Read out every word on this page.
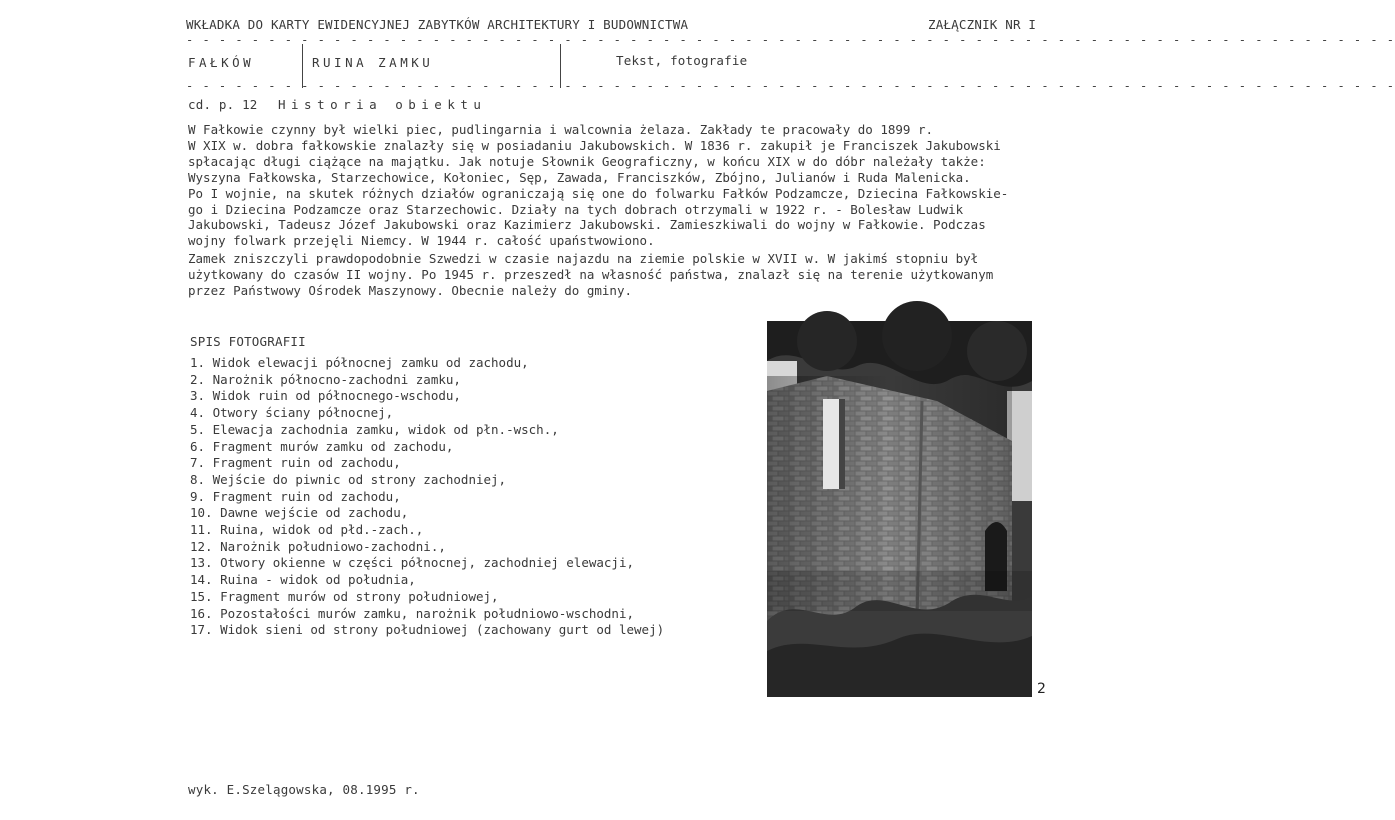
WKŁADKA DO KARTY EWIDENCYJNEJ ZABYTKÓW ARCHITEKTURY I BUDOWNICTWA	ZAŁĄCZNIK NR I
- - - - - - - - - - - - - - - - - - - - - - - - - - - - - - - - - - - - - - - - - - - - - - - - - - - - - - - - - - - - - - - - - - - - - - - - - -
FAŁKÓW	RUINA ZAMKU	Tekst, fotografie
- - - - - - - - - - - - - - - - - - - - - - - - - - - - - - - - - - - - - - - - - - - - - - - - - - - - - - - - - - - - - - - - - - - - - - - - - -
cd. p. 12 Historia obiektu
W Fałkowie czynny był wielki piec, pudlingarnia i walcownia żelaza. Zakłady te pracowały do 1899 r.
W XIX w. dobra fałkowskie znalazły się w posiadaniu Jakubowskich. W 1836 r. zakupił je Franciszek Jakubowski
spłacając długi ciążące na majątku. Jak notuje Słownik Geograficzny, w końcu XIX w do dóbr należały także:
Wyszyna Fałkowska, Starzechowice, Kołoniec, Sęp, Zawada, Franciszków, Zbójno, Julianów i Ruda Malenicka.
Po I wojnie, na skutek różnych działów ograniczają się one do folwarku Fałków Podzamcze, Dziecina Fałkowskie-
go i Dziecina Podzamcze oraz Starzechowic. Działy na tych dobrach otrzymali w 1922 r. - Bolesław Ludwik
Jakubowski, Tadeusz Józef Jakubowski oraz Kazimierz Jakubowski. Zamieszkiwali do wojny w Fałkowie. Podczas
wojny folwark przejęli Niemcy. W 1944 r. całość upaństwowiono.
Zamek zniszczyli prawdopodobnie Szwedzi w czasie najazdu na ziemie polskie w XVII w. W jakimś stopniu był
użytkowany do czasów II wojny. Po 1945 r. przeszedł na własność państwa, znalazł się na terenie użytkowanym
przez Państwowy Ośrodek Maszynowy. Obecnie należy do gminy.
SPIS FOTOGRAFII
1. Widok elewacji północnej zamku od zachodu,
2. Narożnik północno-zachodni zamku,
3. Widok ruin od północnego-wschodu,
4. Otwory ściany północnej,
5. Elewacja zachodnia zamku, widok od płn.-wsch.,
6. Fragment murów zamku od zachodu,
7. Fragment ruin od zachodu,
8. Wejście do piwnic od strony zachodniej,
9. Fragment ruin od zachodu,
10. Dawne wejście od zachodu,
11. Ruina, widok od płd.-zach.,
12. Narożnik południowo-zachodni.,
13. Otwory okienne w części północnej, zachodniej elewacji,
14. Ruina - widok od południa,
15. Fragment murów od strony południowej,
16. Pozostałości murów zamku, narożnik południowo-wschodni,
17. Widok sieni od strony południowej (zachowany gurt od lewej)
2
wyk. E.Szelągowska, 08.1995 r.
